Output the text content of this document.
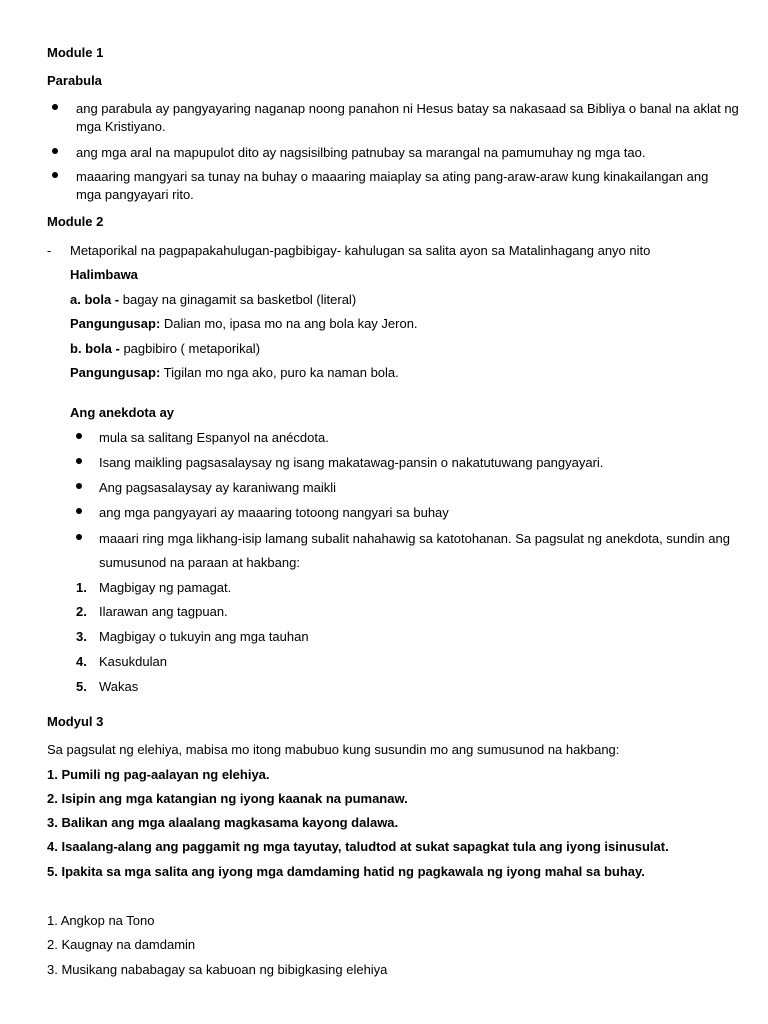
Module 1
Parabula
ang parabula ay pangyayaring naganap noong panahon ni Hesus batay sa nakasaad sa Bibliya o banal na aklat ng
mga Kristiyano.
ang mga aral na mapupulot dito ay nagsisilbing patnubay sa marangal na pamumuhay ng mga tao.
maaaring mangyari sa tunay na buhay o maaaring maiaplay sa ating pang-araw-araw kung kinakailangan ang
mga pangyayari rito.
Module 2
- Metaporikal na pagpapakahulugan-pagbibigay- kahulugan sa salita ayon sa Matalinhagang anyo nito
Halimbawa
a. bola - bagay na ginagamit sa basketbol (literal)
Pangungusap: Dalian mo, ipasa mo na ang bola kay Jeron.
b. bola - pagbibiro ( metaporikal)
Pangungusap: Tigilan mo nga ako, puro ka naman bola.
Ang anekdota ay
mula sa salitang Espanyol na anécdota.
Isang maikling pagsasalaysay ng isang makatawag-pansin o nakatutuwang pangyayari.
Ang pagsasalaysay ay karaniwang maikli
ang mga pangyayari ay maaaring totoong nangyari sa buhay
maaari ring mga likhang-isip lamang subalit nahahawig sa katotohanan. Sa pagsulat ng anekdota, sundin ang
sumusunod na paraan at hakbang:
1. Magbigay ng pamagat.
2. Ilarawan ang tagpuan.
3. Magbigay o tukuyin ang mga tauhan
4. Kasukdulan
5. Wakas
Modyul 3
Sa pagsulat ng elehiya, mabisa mo itong mabubuo kung susundin mo ang sumusunod na hakbang:
1. Pumili ng pag-aalayan ng elehiya.
2. Isipin ang mga katangian ng iyong kaanak na pumanaw.
3. Balikan ang mga alaalang magkasama kayong dalawa.
4. Isaalang-alang ang paggamit ng mga tayutay, taludtod at sukat sapagkat tula ang iyong isinusulat.
5. Ipakita sa mga salita ang iyong mga damdaming hatid ng pagkawala ng iyong mahal sa buhay.
1. Angkop na Tono
2. Kaugnay na damdamin
3. Musikang nababagay sa kabuoan ng bibigkasing elehiya
